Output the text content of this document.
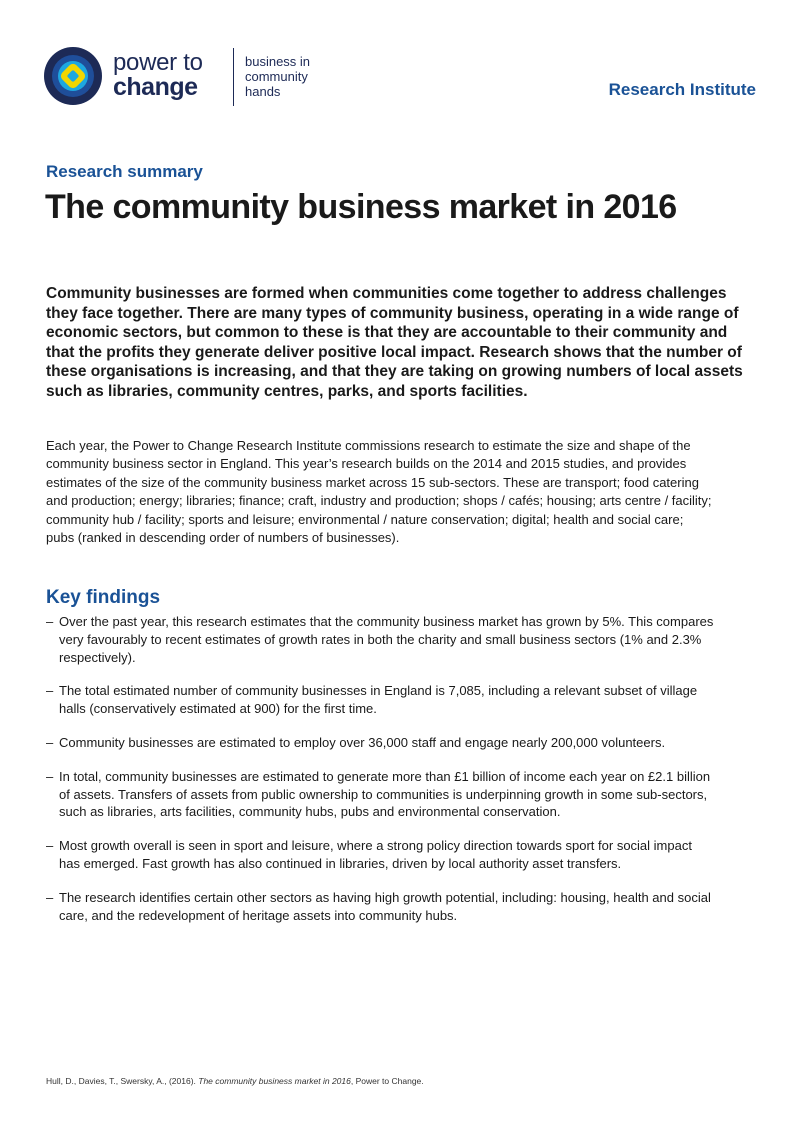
power to
change
business in
community
hands	Research Institute

Research summary

The community business market in 2016

Community businesses are formed when communities come together to address challenges they face together. There are many types of community business, operating in a wide range of economic sectors, but common to these is that they are accountable to their community and that the profits they generate deliver positive local impact. Research shows that the number of these organisations is increasing, and that they are taking on growing numbers of local assets such as libraries, community centres, parks, and sports facilities.

Each year, the Power to Change Research Institute commissions research to estimate the size and shape of the community business sector in England. This year’s research builds on the 2014 and 2015 studies, and provides estimates of the size of the community business market across 15 sub-sectors. These are transport; food catering and production; energy; libraries; finance; craft, industry and production; shops / cafés; housing; arts centre / facility; community hub / facility; sports and leisure; environmental / nature conservation; digital; health and social care; pubs (ranked in descending order of numbers of businesses).

Key findings
– Over the past year, this research estimates that the community business market has grown by 5%. This compares very favourably to recent estimates of growth rates in both the charity and small business sectors (1% and 2.3% respectively).
– The total estimated number of community businesses in England is 7,085, including a relevant subset of village halls (conservatively estimated at 900) for the first time.
– Community businesses are estimated to employ over 36,000 staff and engage nearly 200,000 volunteers.
– In total, community businesses are estimated to generate more than £1 billion of income each year on £2.1 billion of assets. Transfers of assets from public ownership to communities is underpinning growth in some sub-sectors, such as libraries, arts facilities, community hubs, pubs and environmental conservation.
– Most growth overall is seen in sport and leisure, where a strong policy direction towards sport for social impact has emerged. Fast growth has also continued in libraries, driven by local authority asset transfers.
– The research identifies certain other sectors as having high growth potential, including: housing, health and social care, and the redevelopment of heritage assets into community hubs.

Hull, D., Davies, T., Swersky, A., (2016). The community business market in 2016, Power to Change.
